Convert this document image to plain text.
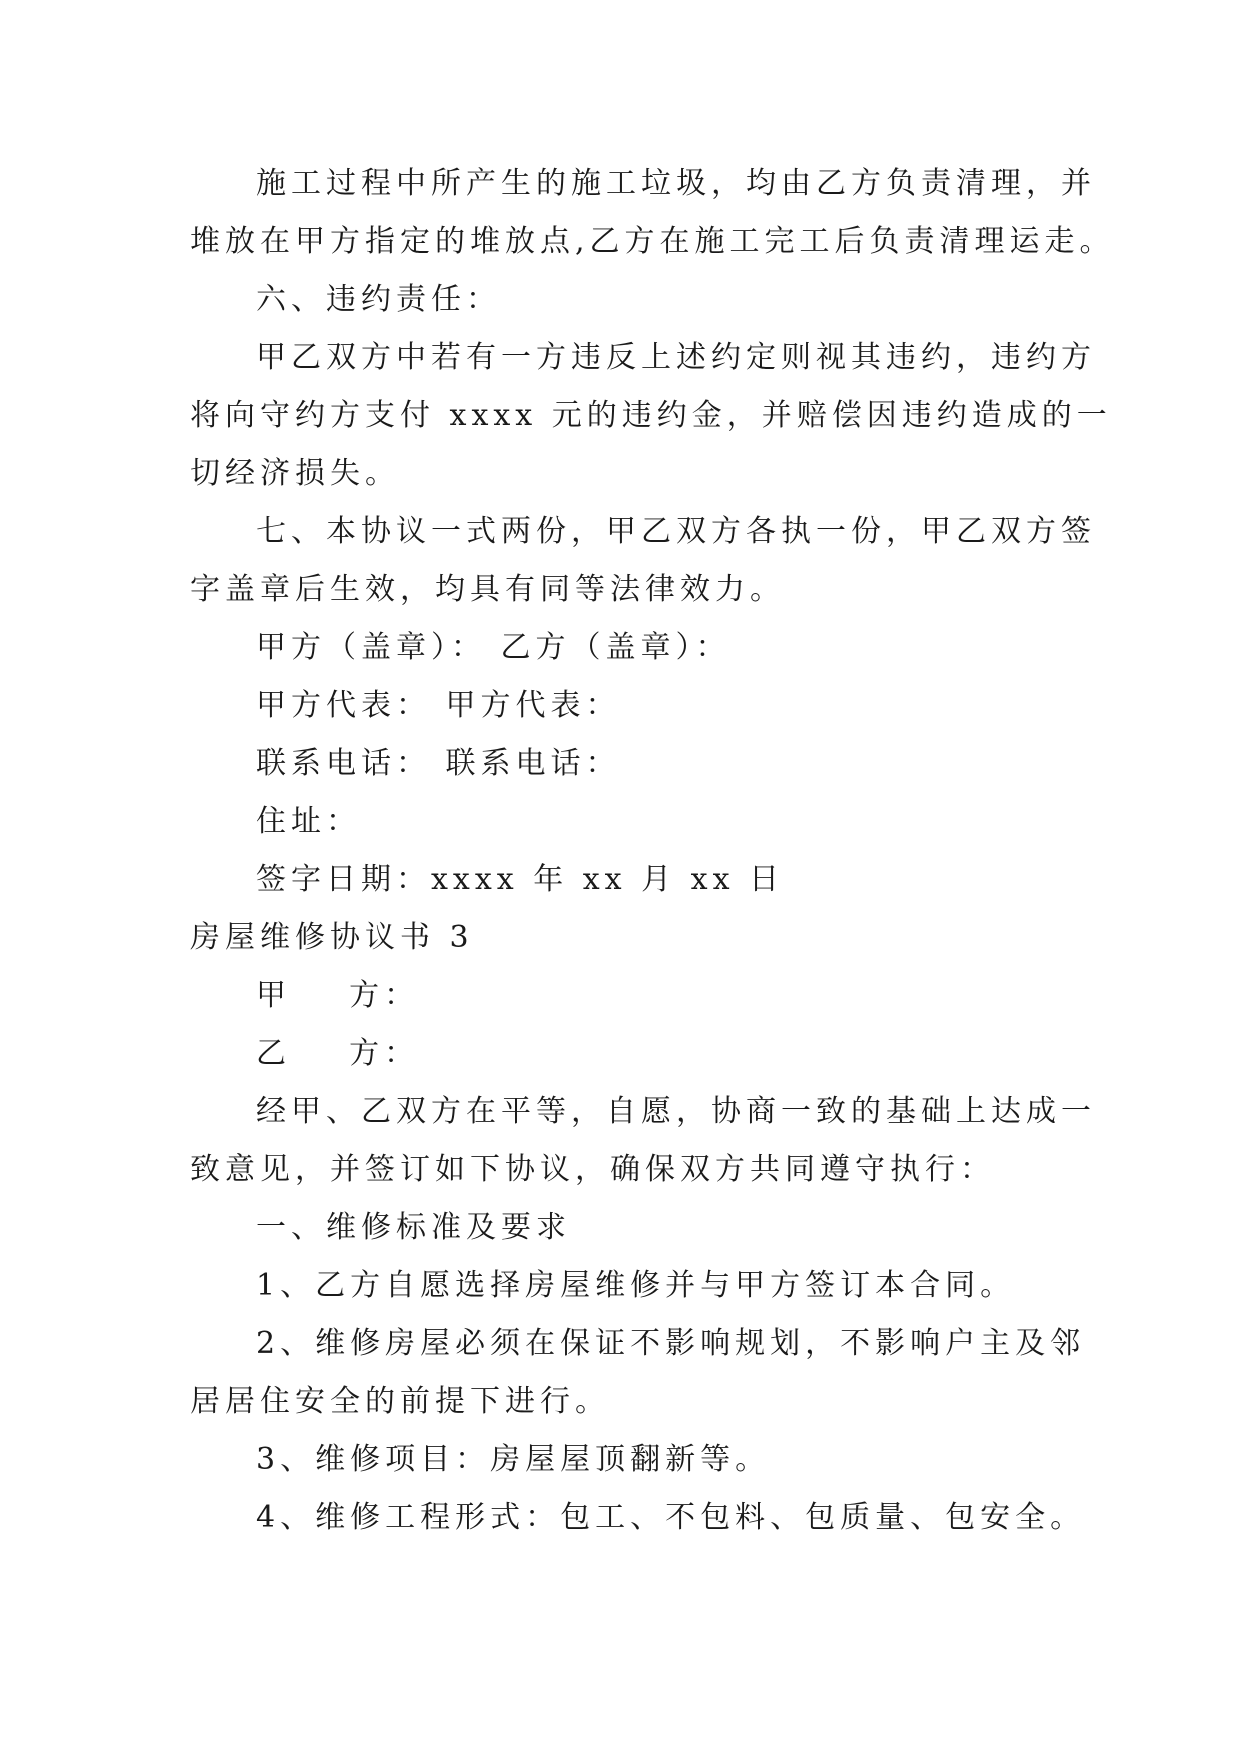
施工过程中所产生的施工垃圾，均由乙方负责清理，并
堆放在甲方指定的堆放点,乙方在施工完工后负责清理运走。
六、违约责任：
甲乙双方中若有一方违反上述约定则视其违约，违约方
将向守约方支付 xxxx 元的违约金，并赔偿因违约造成的一
切经济损失。
七、本协议一式两份，甲乙双方各执一份，甲乙双方签
字盖章后生效，均具有同等法律效力。
甲方（盖章）： 乙方（盖章）：
甲方代表： 甲方代表：
联系电话： 联系电话：
住址：
签字日期：xxxx 年 xx 月 xx 日
房屋维修协议书 3
甲    方：
乙    方：
经甲、乙双方在平等，自愿，协商一致的基础上达成一
致意见，并签订如下协议，确保双方共同遵守执行：
一、维修标准及要求
1、乙方自愿选择房屋维修并与甲方签订本合同。
2、维修房屋必须在保证不影响规划，不影响户主及邻
居居住安全的前提下进行。
3、维修项目：房屋屋顶翻新等。
4、维修工程形式：包工、不包料、包质量、包安全。
